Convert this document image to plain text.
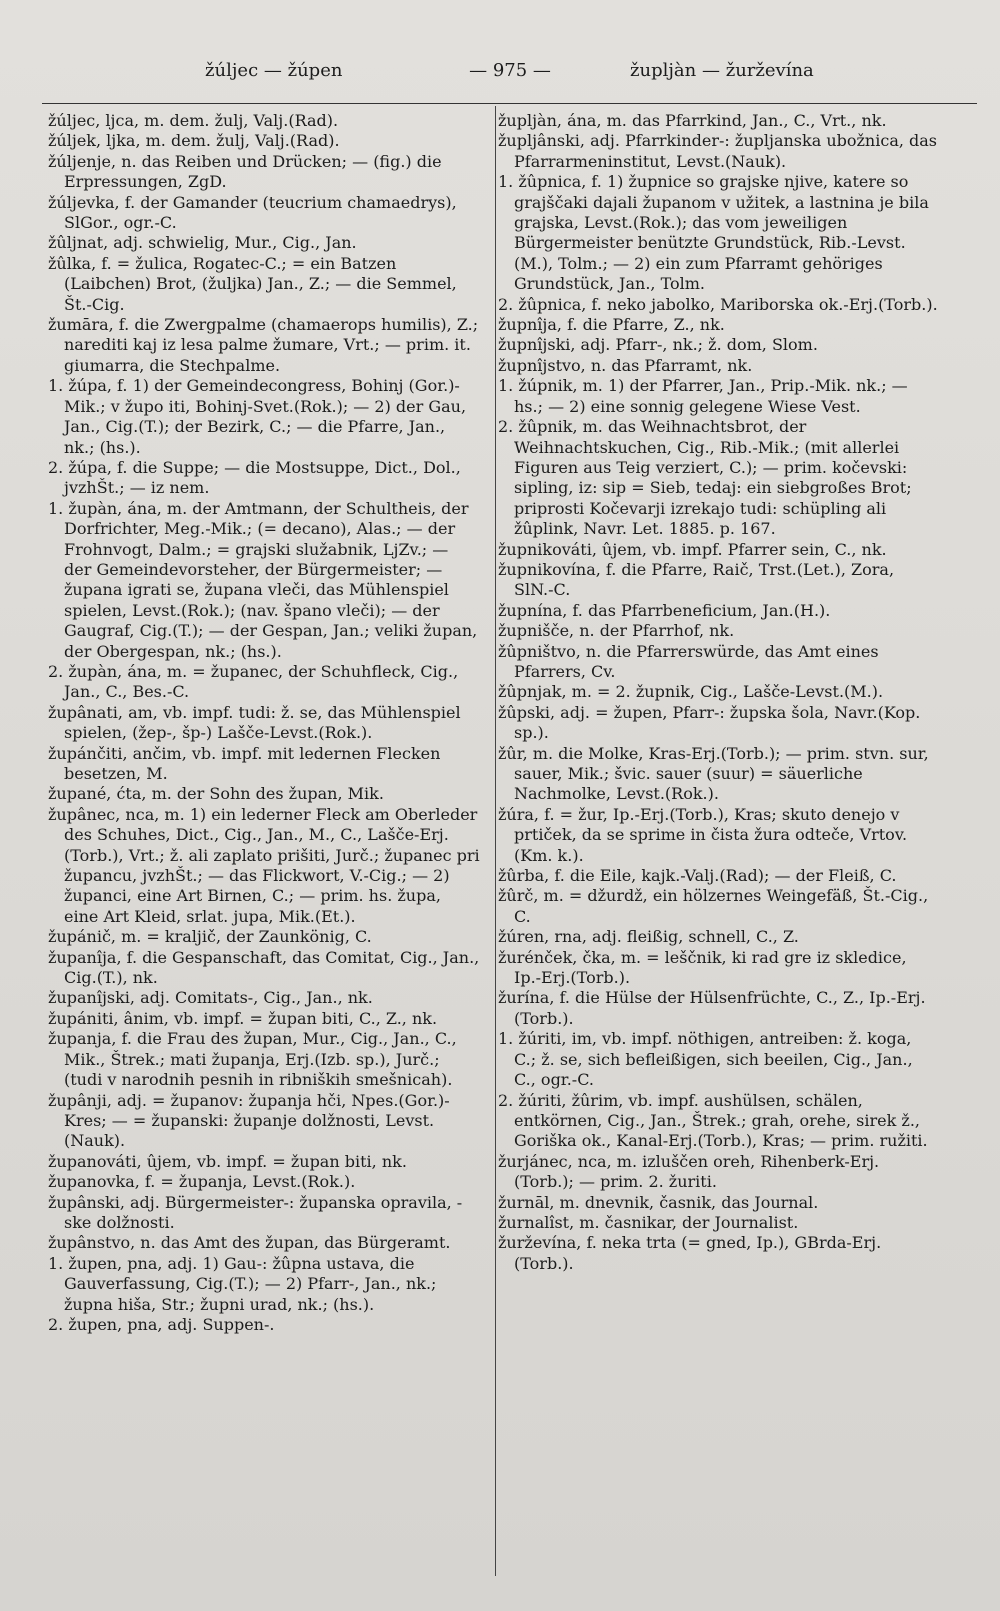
žúljec — žúpen	— 975 —	župljàn — žurževína
žúljec, ljca, m. dem. žulj, Valj.(Rad).
žúljek, ljka, m. dem. žulj, Valj.(Rad).
žúljenje, n. das Reiben und Drücken; — (fig.) die Erpressungen, ZgD.
žúljevka, f. der Gamander (teucrium chamaedrys), SlGor., ogr.-C.
žûljnat, adj. schwielig, Mur., Cig., Jan.
žûlka, f. = žulica, Rogatec-C.; = ein Batzen (Laibchen) Brot, (žuljka) Jan., Z.; — die Semmel, Št.-Cig.
žumāra, f. die Zwergpalme (chamaerops humilis), Z.; narediti kaj iz lesa palme žumare, Vrt.; — prim. it. giumarra, die Stechpalme.
1. žúpa, f. 1) der Gemeindecongress, Bohinj (Gor.)-Mik.; v župo iti, Bohinj-Svet.(Rok.); — 2) der Gau, Jan., Cig.(T.); der Bezirk, C.; — die Pfarre, Jan., nk.; (hs.).
2. žúpa, f. die Suppe; — die Mostsuppe, Dict., Dol., jvzhŠt.; — iz nem.
1. župàn, ána, m. der Amtmann, der Schultheis, der Dorfrichter, Meg.-Mik.; (= decano), Alas.; — der Frohnvogt, Dalm.; = grajski služabnik, LjZv.; — der Gemeindevorsteher, der Bürgermeister; — župana igrati se, župana vleči, das Mühlenspiel spielen, Levst.(Rok.); (nav. špano vleči); — der Gaugraf, Cig.(T.); — der Gespan, Jan.; veliki župan, der Obergespan, nk.; (hs.).
2. župàn, ána, m. = županec, der Schuhfleck, Cig., Jan., C., Bes.-C.
župânati, am, vb. impf. tudi: ž. se, das Mühlenspiel spielen, (žep-, šp-) Lašče-Levst.(Rok.).
župánčiti, ančim, vb. impf. mit ledernen Flecken besetzen, M.
župané, ćta, m. der Sohn des župan, Mik.
župânec, nca, m. 1) ein lederner Fleck am Oberleder des Schuhes, Dict., Cig., Jan., M., C., Lašče-Erj.(Torb.), Vrt.; ž. ali zaplato prišiti, Jurč.; županec pri župancu, jvzhŠt.; — das Flickwort, V.-Cig.; — 2) županci, eine Art Birnen, C.; — prim. hs. župa, eine Art Kleid, srlat. jupa, Mik.(Et.).
župánič, m. = kraljič, der Zaunkönig, C.
županîja, f. die Gespanschaft, das Comitat, Cig., Jan., Cig.(T.), nk.
županîjski, adj. Comitats-, Cig., Jan., nk.
župániti, ânim, vb. impf. = župan biti, C., Z., nk.
županja, f. die Frau des župan, Mur., Cig., Jan., C., Mik., Štrek.; mati županja, Erj.(Izb. sp.), Jurč.; (tudi v narodnih pesnih in ribniških smešnicah).
župânji, adj. = županov: županja hči, Npes.(Gor.)-Kres; — = županski: županje dolžnosti, Levst.(Nauk).
županováti, ûjem, vb. impf. = župan biti, nk.
županovka, f. = županja, Levst.(Rok.).
župânski, adj. Bürgermeister-: županska opravila, -ske dolžnosti.
župânstvo, n. das Amt des župan, das Bürgeramt.
1. župen, pna, adj. 1) Gau-: žûpna ustava, die Gauverfassung, Cig.(T.); — 2) Pfarr-, Jan., nk.; župna hiša, Str.; župni urad, nk.; (hs.).
2. župen, pna, adj. Suppen-.
župljàn, ána, m. das Pfarrkind, Jan., C., Vrt., nk.
župljânski, adj. Pfarrkinder-: župljanska ubožnica, das Pfarrarmeninstitut, Levst.(Nauk).
1. žûpnica, f. 1) župnice so grajske njive, katere so grajščaki dajali županom v užitek, a lastnina je bila grajska, Levst.(Rok.); das vom jeweiligen Bürgermeister benützte Grundstück, Rib.-Levst.(M.), Tolm.; — 2) ein zum Pfarramt gehöriges Grundstück, Jan., Tolm.
2. žûpnica, f. neko jabolko, Mariborska ok.-Erj.(Torb.).
župnîja, f. die Pfarre, Z., nk.
župnîjski, adj. Pfarr-, nk.; ž. dom, Slom.
župnîjstvo, n. das Pfarramt, nk.
1. žúpnik, m. 1) der Pfarrer, Jan., Prip.-Mik. nk.; — hs.; — 2) eine sonnig gelegene Wiese Vest.
2. žûpnik, m. das Weihnachtsbrot, der Weihnachtskuchen, Cig., Rib.-Mik.; (mit allerlei Figuren aus Teig verziert, C.); — prim. kočevski: sipling, iz: sip = Sieb, tedaj: ein siebgroßes Brot; priprosti Kočevarji izrekajo tudi: schüpling ali žûplink, Navr. Let. 1885. p. 167.
župnikováti, ûjem, vb. impf. Pfarrer sein, C., nk.
župnikovína, f. die Pfarre, Raič, Trst.(Let.), Zora, SlN.-C.
župnína, f. das Pfarrbeneficium, Jan.(H.).
župnišče, n. der Pfarrhof, nk.
žûpništvo, n. die Pfarrerswürde, das Amt eines Pfarrers, Cv.
žûpnjak, m. = 2. župnik, Cig., Lašče-Levst.(M.).
žûpski, adj. = župen, Pfarr-: župska šola, Navr.(Kop. sp.).
žûr, m. die Molke, Kras-Erj.(Torb.); — prim. stvn. sur, sauer, Mik.; švic. sauer (suur) = säuerliche Nachmolke, Levst.(Rok.).
žúra, f. = žur, Ip.-Erj.(Torb.), Kras; skuto denejo v prtiček, da se sprime in čista žura odteče, Vrtov.(Km. k.).
žûrba, f. die Eile, kajk.-Valj.(Rad); — der Fleiß, C.
žûrč, m. = džurdž, ein hölzernes Weingefäß, Št.-Cig., C.
žúren, rna, adj. fleißig, schnell, C., Z.
žurénček, čka, m. = leščnik, ki rad gre iz skledice, Ip.-Erj.(Torb.).
žurína, f. die Hülse der Hülsenfrüchte, C., Z., Ip.-Erj.(Torb.).
1. žúriti, im, vb. impf. nöthigen, antreiben: ž. koga, C.; ž. se, sich befleißigen, sich beeilen, Cig., Jan., C., ogr.-C.
2. žúriti, žûrim, vb. impf. aushülsen, schälen, entkörnen, Cig., Jan., Štrek.; grah, orehe, sirek ž., Goriška ok., Kanal-Erj.(Torb.), Kras; — prim. ružiti.
žurjánec, nca, m. izluščen oreh, Rihenberk-Erj.(Torb.); — prim. 2. žuriti.
žurnāl, m. dnevnik, časnik, das Journal.
žurnalîst, m. časnikar, der Journalist.
žurževína, f. neka trta (= gned, Ip.), GBrda-Erj.(Torb.).
